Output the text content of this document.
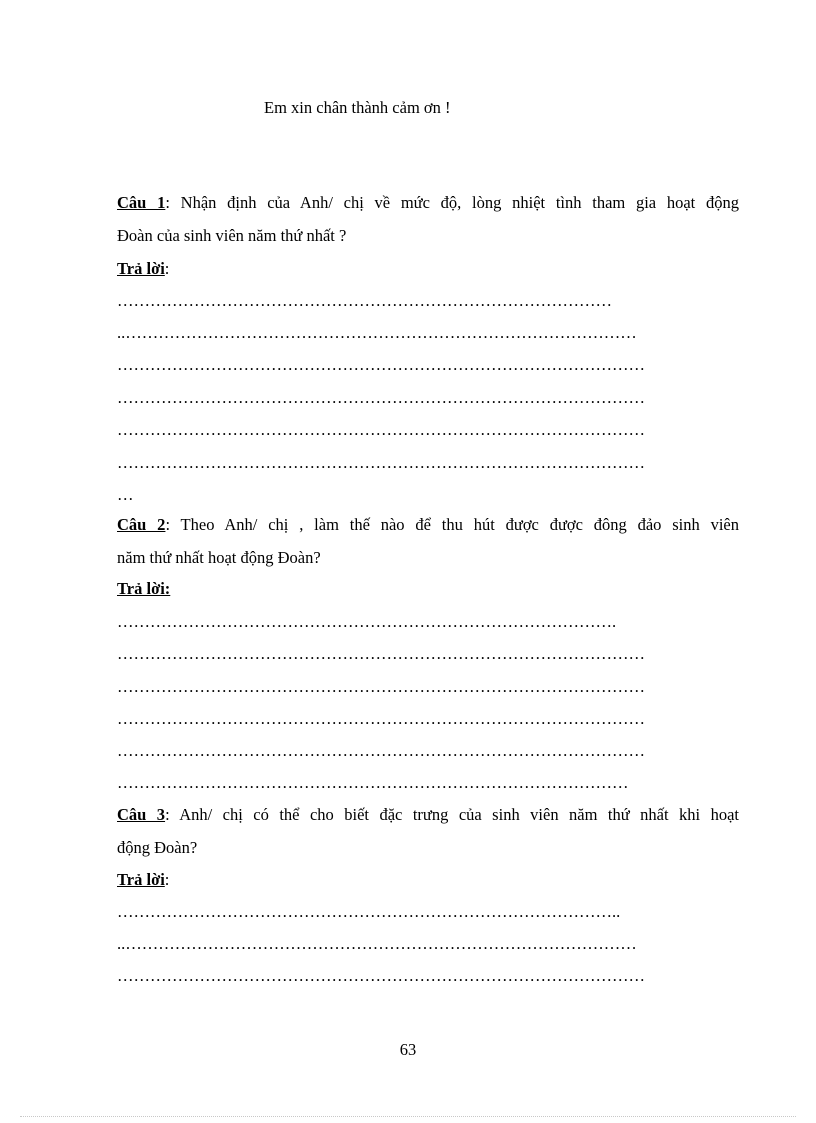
Em xin chân thành cảm ơn !
Câu 1: Nhận định của Anh/ chị về mức độ, lòng nhiệt tình tham gia hoạt động
Đoàn của sinh viên năm thứ nhất ?
Trả lời:
………………………………………………………………………………
..…………………………………………………………………………………
……………………………………………………………………………………
……………………………………………………………………………………
……………………………………………………………………………………
……………………………………………………………………………………
…
Câu 2: Theo Anh/ chị , làm thế nào để thu hút được được đông đảo sinh viên
năm thứ nhất hoạt động Đoàn?
Trả lời:
……………………………………………………………………………….
……………………………………………………………………………………
……………………………………………………………………………………
……………………………………………………………………………………
……………………………………………………………………………………
…………………………………………………………………………………
Câu 3: Anh/ chị có thể cho biết đặc trưng của sinh viên năm thứ nhất khi hoạt
động Đoàn?
Trả lời:
………………………………………………………………………………..
..…………………………………………………………………………………
……………………………………………………………………………………
63
